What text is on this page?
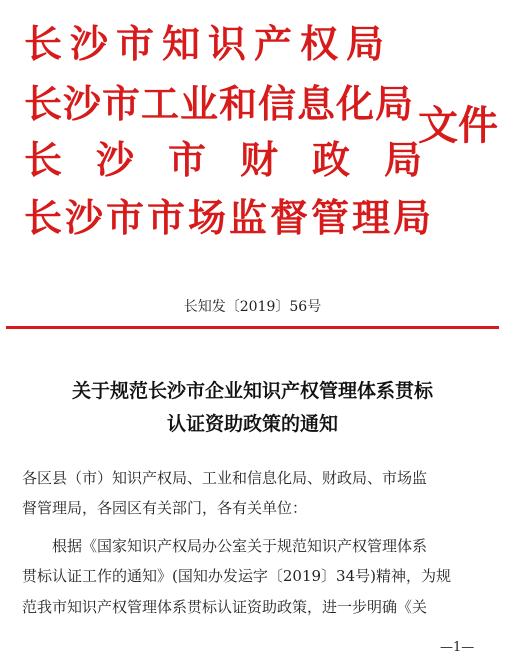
长沙市知识产权局
长沙市工业和信息化局
长沙市财政局
长沙市市场监督管理局
文件
长知发〔2019〕56号
关于规范长沙市企业知识产权管理体系贯标
认证资助政策的通知
各区县（市）知识产权局、工业和信息化局、财政局、市场监
督管理局，各园区有关部门，各有关单位：
根据《国家知识产权局办公室关于规范知识产权管理体系
贯标认证工作的通知》(国知办发运字〔2019〕34号)精神，为规
范我市知识产权管理体系贯标认证资助政策，进一步明确《关
—1—
